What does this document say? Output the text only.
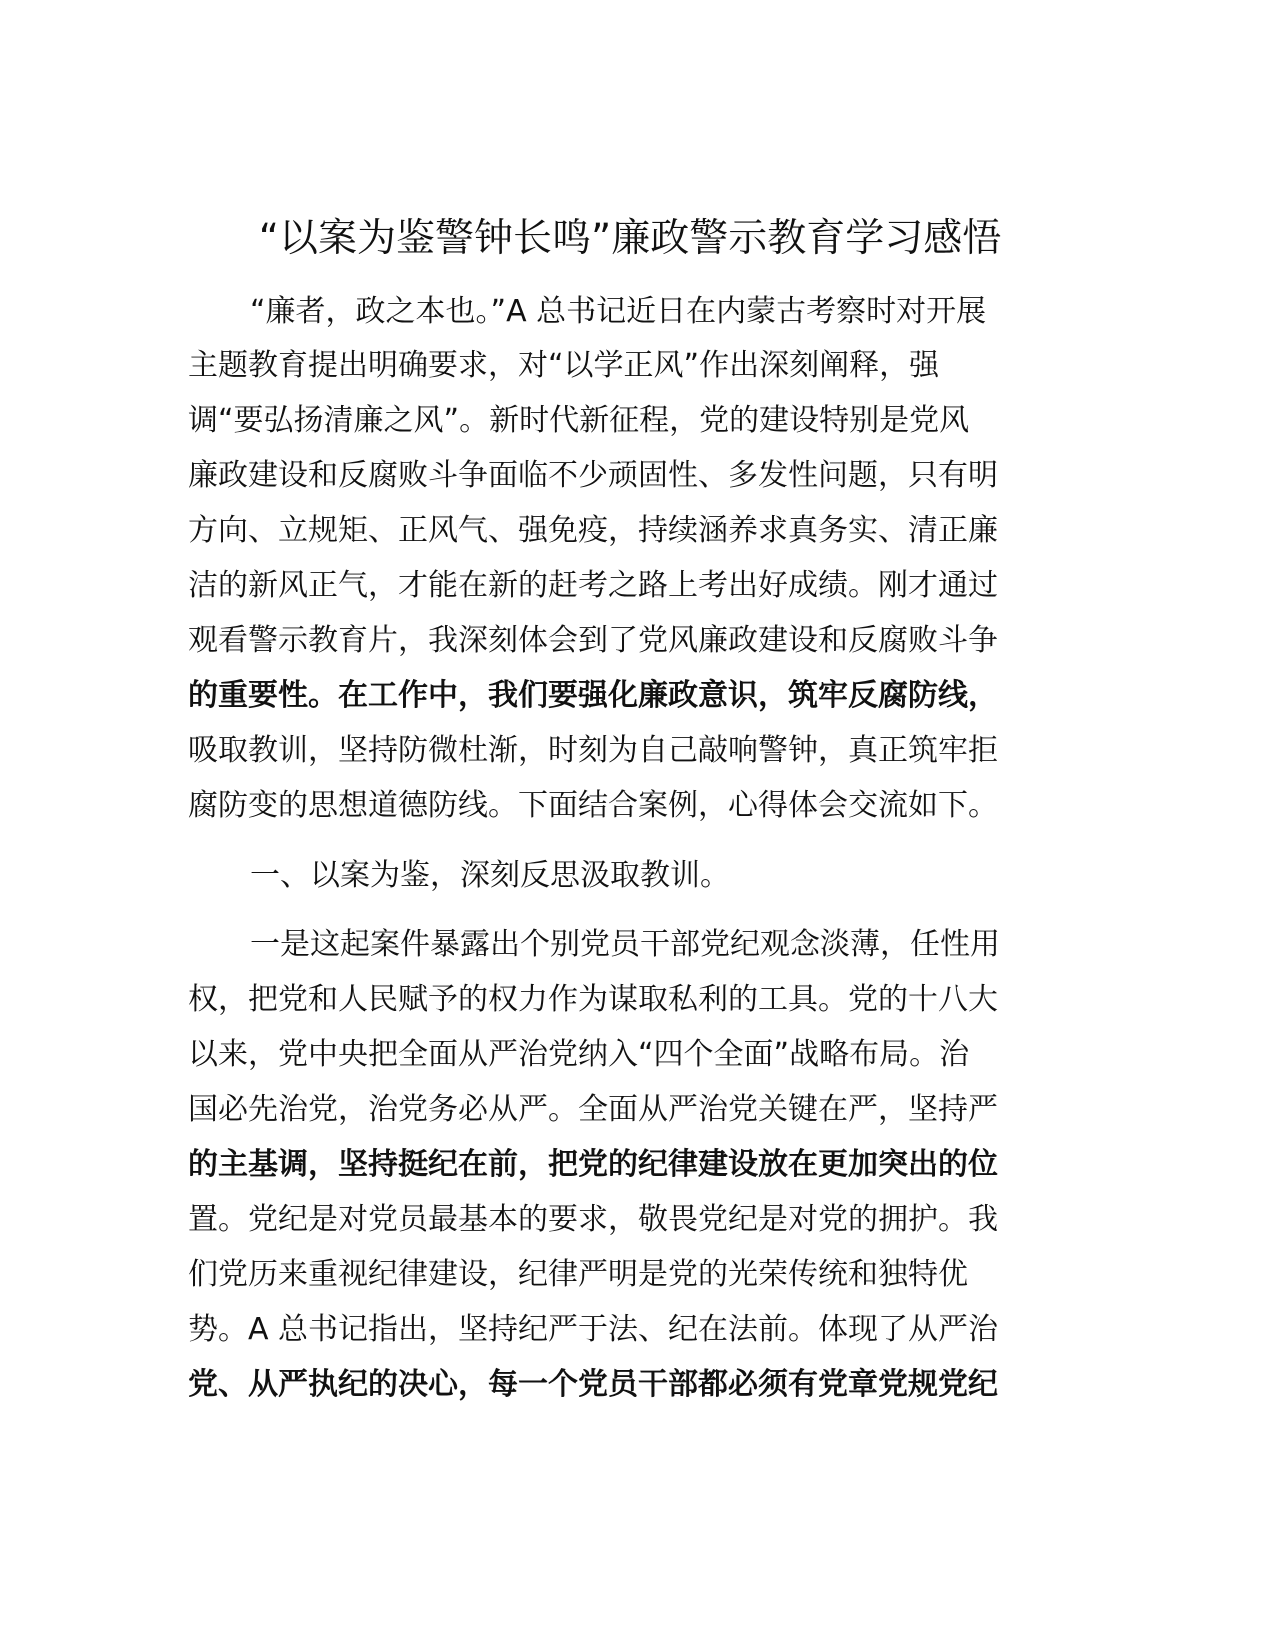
“以案为鉴警钟长鸣”廉政警示教育学习感悟

“廉者，政之本也。”A 总书记近日在内蒙古考察时对开展

主题教育提出明确要求，对“以学正风”作出深刻阐释，强

调“要弘扬清廉之风”。新时代新征程，党的建设特别是党风

廉政建设和反腐败斗争面临不少顽固性、多发性问题，只有明

方向、立规矩、正风气、强免疫，持续涵养求真务实、清正廉

洁的新风正气，才能在新的赶考之路上考出好成绩。刚才通过

观看警示教育片，我深刻体会到了党风廉政建设和反腐败斗争

的重要性。在工作中，我们要强化廉政意识，筑牢反腐防线，

吸取教训，坚持防微杜渐，时刻为自己敲响警钟，真正筑牢拒

腐防变的思想道德防线。下面结合案例，心得体会交流如下。

一、以案为鉴，深刻反思汲取教训。

一是这起案件暴露出个别党员干部党纪观念淡薄，任性用

权，把党和人民赋予的权力作为谋取私利的工具。党的十八大

以来，党中央把全面从严治党纳入“四个全面”战略布局。治

国必先治党，治党务必从严。全面从严治党关键在严，坚持严

的主基调，坚持挺纪在前，把党的纪律建设放在更加突出的位

置。党纪是对党员最基本的要求，敬畏党纪是对党的拥护。我

们党历来重视纪律建设，纪律严明是党的光荣传统和独特优

势。A 总书记指出，坚持纪严于法、纪在法前。体现了从严治

党、从严执纪的决心，每一个党员干部都必须有党章党规党纪
